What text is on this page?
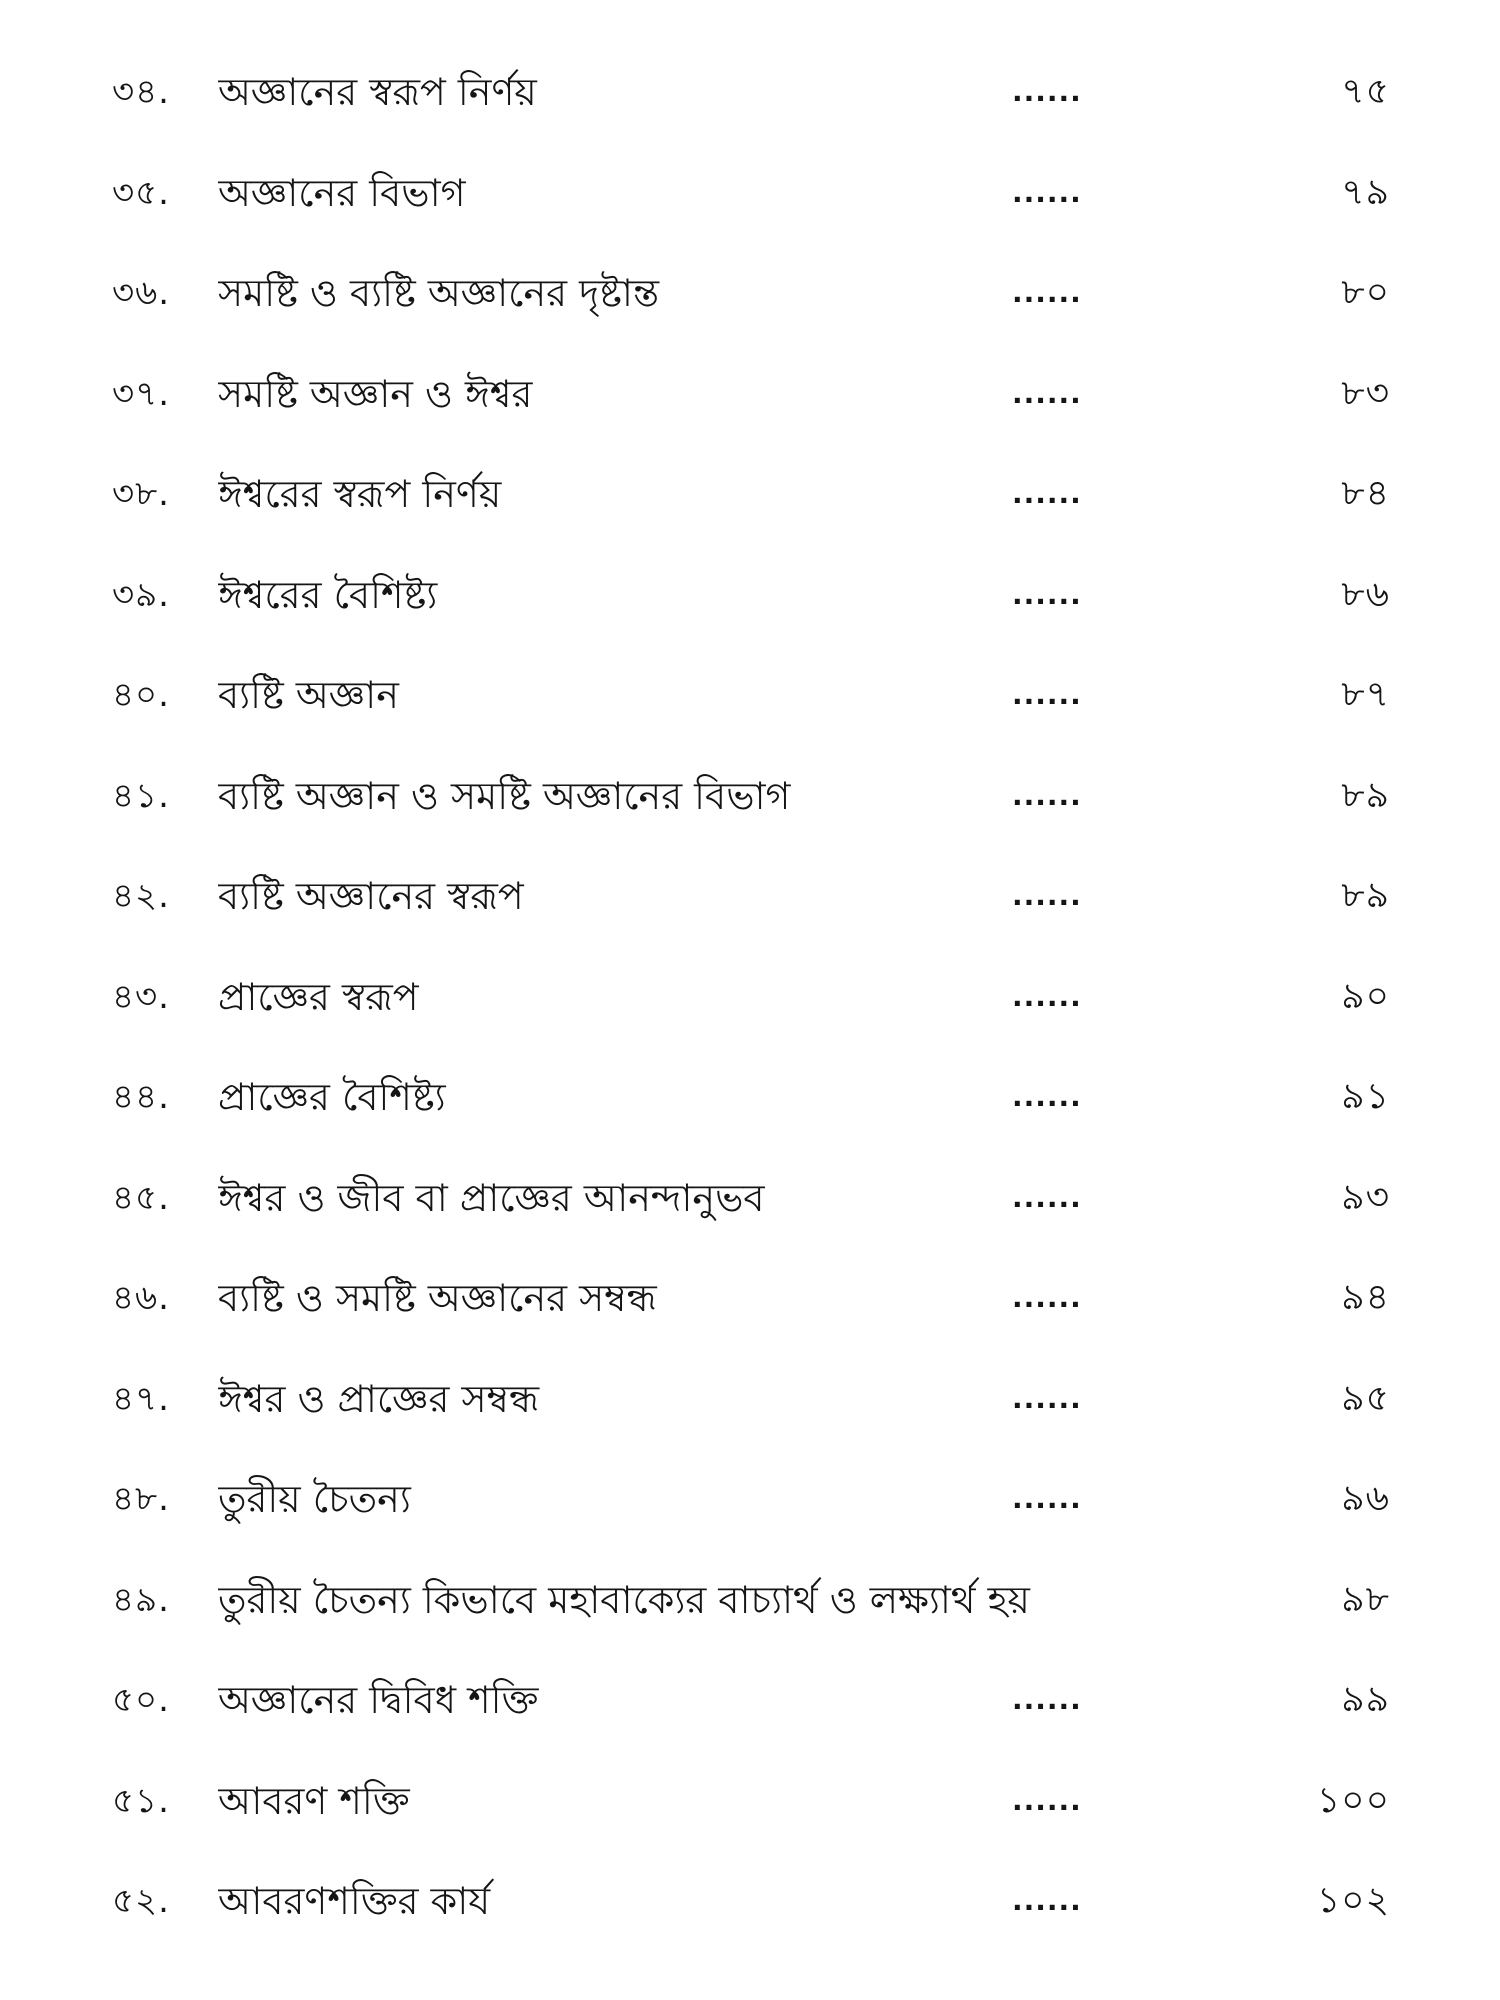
৩৪.	অজ্ঞানের স্বরূপ নির্ণয়	......	৭৫
৩৫.	অজ্ঞানের বিভাগ	......	৭৯
৩৬.	সমষ্টি ও ব্যষ্টি অজ্ঞানের দৃষ্টান্ত	......	৮০
৩৭.	সমষ্টি অজ্ঞান ও ঈশ্বর	......	৮৩
৩৮.	ঈশ্বরের স্বরূপ নির্ণয়	......	৮৪
৩৯.	ঈশ্বরের বৈশিষ্ট্য	......	৮৬
৪০.	ব্যষ্টি অজ্ঞান	......	৮৭
৪১.	ব্যষ্টি অজ্ঞান ও সমষ্টি অজ্ঞানের বিভাগ	......	৮৯
৪২.	ব্যষ্টি অজ্ঞানের স্বরূপ	......	৮৯
৪৩.	প্রাজ্ঞের স্বরূপ	......	৯০
৪৪.	প্রাজ্ঞের বৈশিষ্ট্য	......	৯১
৪৫.	ঈশ্বর ও জীব বা প্রাজ্ঞের আনন্দানুভব	......	৯৩
৪৬.	ব্যষ্টি ও সমষ্টি অজ্ঞানের সম্বন্ধ	......	৯৪
৪৭.	ঈশ্বর ও প্রাজ্ঞের সম্বন্ধ	......	৯৫
৪৮.	তুরীয় চৈতন্য	......	৯৬
৪৯.	তুরীয় চৈতন্য কিভাবে মহাবাক্যের বাচ্যার্থ ও লক্ষ্যার্থ হয়	৯৮
৫০.	অজ্ঞানের দ্বিবিধ শক্তি	......	৯৯
৫১.	আবরণ শক্তি	......	১০০
৫২.	আবরণশক্তির কার্য	......	১০২
